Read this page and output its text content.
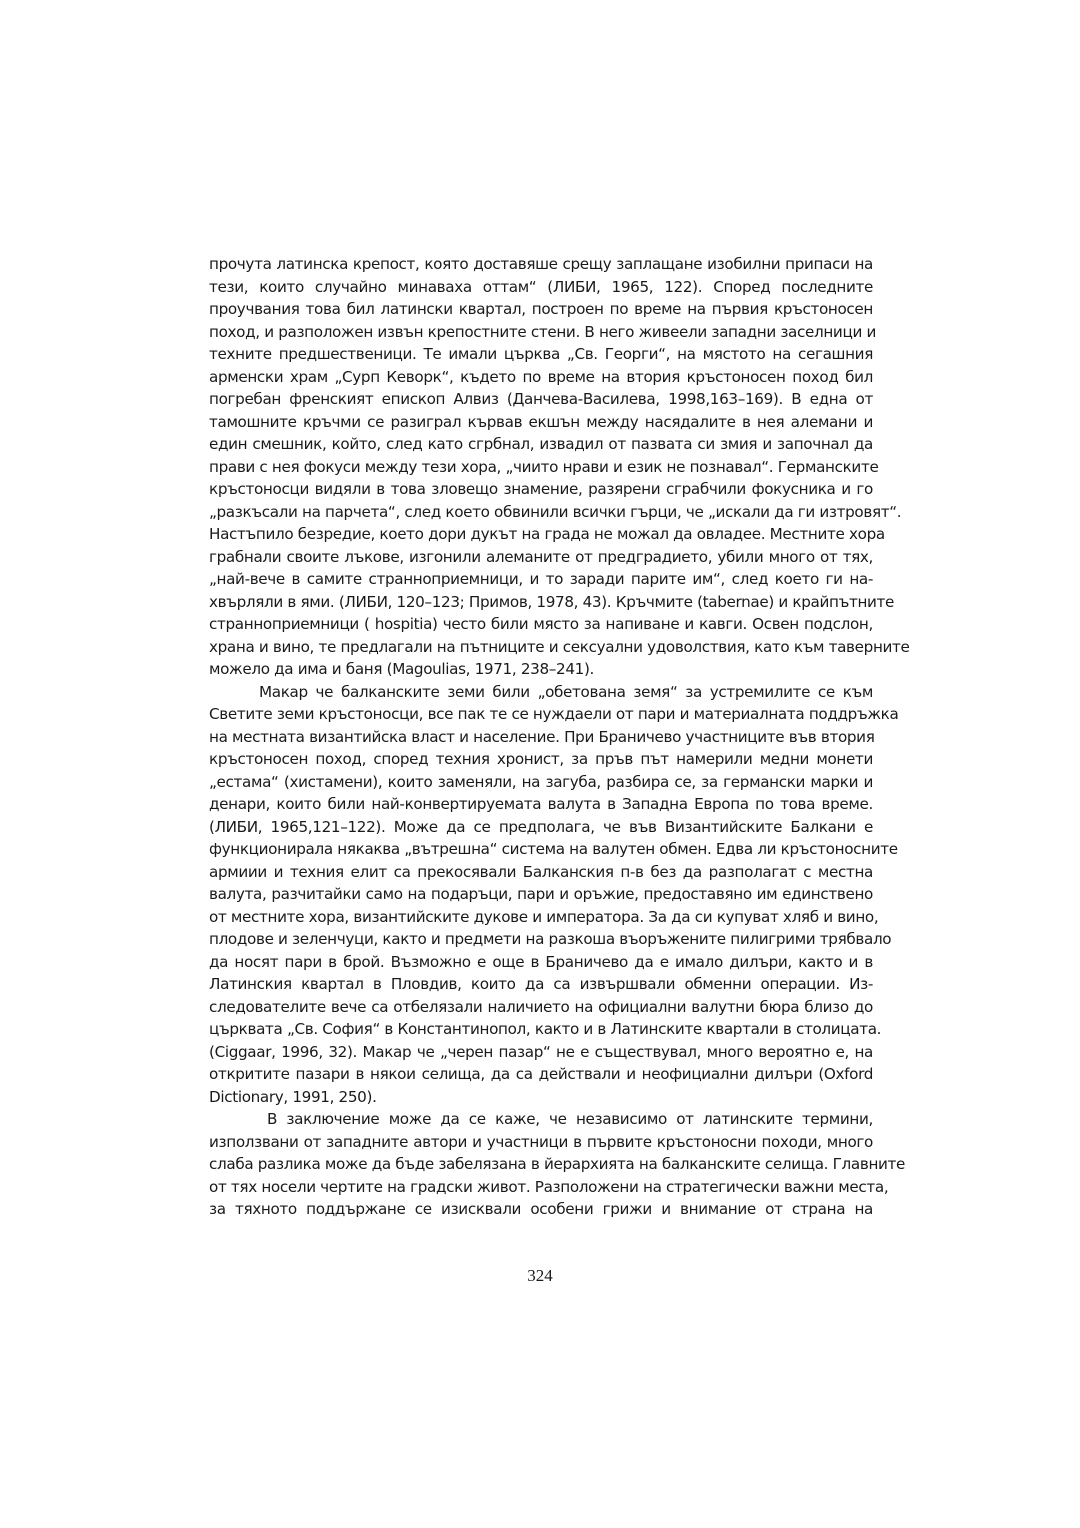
прочута латинска крепост, която доставяше срещу заплащане изобилни припаси на
тези, които случайно минаваха оттам“ (ЛИБИ, 1965, 122). Според последните
проучвания това бил латински квартал, построен по време на първия кръстоносен
поход, и разположен извън крепостните стени. В него живеели западни заселници и
техните предшественици. Те имали църква „Св. Георги“, на мястото на сегашния
арменски храм „Сурп Кеворк“, където по време на втория кръстоносен поход бил
погребан френският епископ Алвиз (Данчева-Василева, 1998,163–169). В една от
тамошните кръчми се разиграл кървав екшън между насядалите в нея алемани и
един смешник, който, след като сгрбнал, извадил от пазвата си змия и започнал да
прави с нея фокуси между тези хора, „чиито нрави и език не познавал“. Германските
кръстоносци видяли в това зловещо знамение, разярени сграбчили фокусника и го
„разкъсали на парчета“, след което обвинили всички гърци, че „искали да ги изтровят“.
Настъпило безредие, което дори дукът на града не можал да овладее. Местните хора
грабнали своите лъкове, изгонили алеманите от предградието, убили много от тях,
„най-вече в самите странноприемници, и то заради парите им“, след което ги на-
хвърляли в ями. (ЛИБИ, 120–123; Примов, 1978, 43). Кръчмите (tabernae) и крайпътните
странноприемници ( hospitia) често били място за напиване и кавги. Освен подслон,
храна и вино, те предлагали на пътниците и сексуални удоволствия, като към таверните
можело да има и баня (Magoulias, 1971, 238–241).
Макар че балканските земи били „обетована земя“ за устремилите се към
Светите земи кръстоносци, все пак те се нуждаели от пари и материалната поддръжка
на местната византийска власт и население. При Браничево участниците във втория
кръстоносен поход, според техния хронист, за пръв път намерили медни монети
„естама“ (хистамени), които заменяли, на загуба, разбира се, за германски марки и
денари, които били най-конвертируемата валута в Западна Европа по това време.
(ЛИБИ, 1965,121–122). Може да се предполага, че във Византийските Балкани е
функционирала някаква „вътрешна“ система на валутен обмен. Едва ли кръстоносните
армиии и техния елит са прекосявали Балканския п-в без да разполагат с местна
валута, разчитайки само на подаръци, пари и оръжие, предоставяно им единствено
от местните хора, византийските дукове и императора. За да си купуват хляб и вино,
плодове и зеленчуци, както и предмети на разкоша въоръжените пилигрими трябвало
да носят пари в брой. Възможно е още в Браничево да е имало дилъри, както и в
Латинския квартал в Пловдив, които да са извършвали обменни операции. Из-
следователите вече са отбелязали наличието на официални валутни бюра близо до
църквата „Св. София“ в Константинопол, както и в Латинските квартали в столицата.
(Ciggaar, 1996, 32). Макар че „черен пазар“ не е съществувал, много вероятно е, на
откритите пазари в някои селища, да са действали и неофициални дилъри (Oxford
Dictionary, 1991, 250).
В заключение може да се каже, че независимо от латинските термини,
използвани от западните автори и участници в първите кръстоносни походи, много
слаба разлика може да бъде забелязана в йерархията на балканските селища. Главните
от тях носели чертите на градски живот. Разположени на стратегически важни места,
за тяхното поддържане се изисквали особени грижи и внимание от страна на
324
